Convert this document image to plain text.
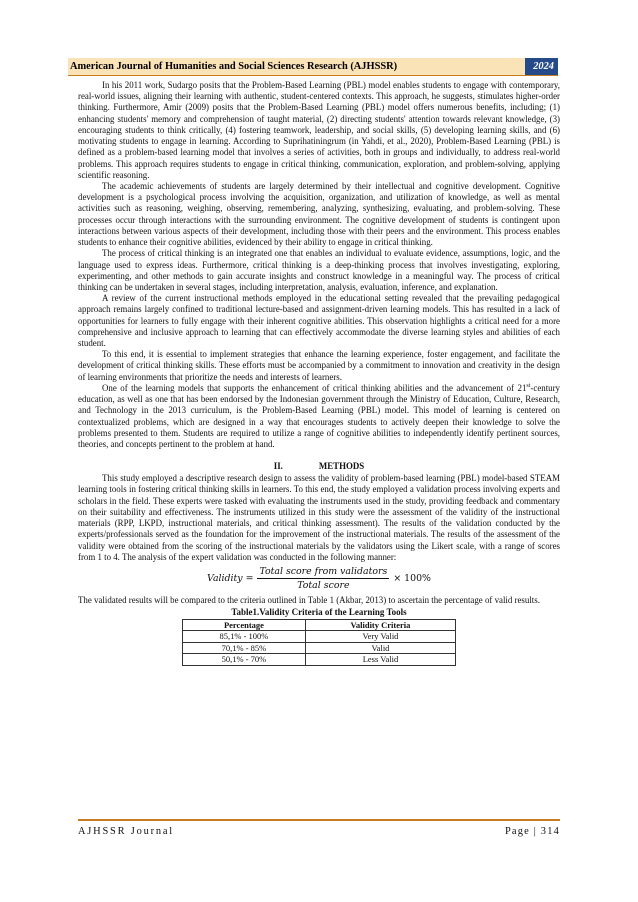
American Journal of Humanities and Social Sciences Research (AJHSSR)	2024

In his 2011 work, Sudargo posits that the Problem-Based Learning (PBL) model enables students to engage with contemporary, real-world issues, aligning their learning with authentic, student-centered contexts. This approach, he suggests, stimulates higher-order thinking. Furthermore, Amir (2009) posits that the Problem-Based Learning (PBL) model offers numerous benefits, including; (1) enhancing students' memory and comprehension of taught material, (2) directing students' attention towards relevant knowledge, (3) encouraging students to think critically, (4) fostering teamwork, leadership, and social skills, (5) developing learning skills, and (6) motivating students to engage in learning. According to Suprihatiningrum (in Yahdi, et al., 2020), Problem-Based Learning (PBL) is defined as a problem-based learning model that involves a series of activities, both in groups and individually, to address real-world problems. This approach requires students to engage in critical thinking, communication, exploration, and problem-solving, applying scientific reasoning.

The academic achievements of students are largely determined by their intellectual and cognitive development. Cognitive development is a psychological process involving the acquisition, organization, and utilization of knowledge, as well as mental activities such as reasoning, weighing, observing, remembering, analyzing, synthesizing, evaluating, and problem-solving. These processes occur through interactions with the surrounding environment. The cognitive development of students is contingent upon interactions between various aspects of their development, including those with their peers and the environment. This process enables students to enhance their cognitive abilities, evidenced by their ability to engage in critical thinking.

The process of critical thinking is an integrated one that enables an individual to evaluate evidence, assumptions, logic, and the language used to express ideas. Furthermore, critical thinking is a deep-thinking process that involves investigating, exploring, experimenting, and other methods to gain accurate insights and construct knowledge in a meaningful way. The process of critical thinking can be undertaken in several stages, including interpretation, analysis, evaluation, inference, and explanation.

A review of the current instructional methods employed in the educational setting revealed that the prevailing pedagogical approach remains largely confined to traditional lecture-based and assignment-driven learning models. This has resulted in a lack of opportunities for learners to fully engage with their inherent cognitive abilities. This observation highlights a critical need for a more comprehensive and inclusive approach to learning that can effectively accommodate the diverse learning styles and abilities of each student.

To this end, it is essential to implement strategies that enhance the learning experience, foster engagement, and facilitate the development of critical thinking skills. These efforts must be accompanied by a commitment to innovation and creativity in the design of learning environments that prioritize the needs and interests of learners.

One of the learning models that supports the enhancement of critical thinking abilities and the advancement of 21st-century education, as well as one that has been endorsed by the Indonesian government through the Ministry of Education, Culture, Research, and Technology in the 2013 curriculum, is the Problem-Based Learning (PBL) model. This model of learning is centered on contextualized problems, which are designed in a way that encourages students to actively deepen their knowledge to solve the problems presented to them. Students are required to utilize a range of cognitive abilities to independently identify pertinent sources, theories, and concepts pertinent to the problem at hand.

II.	METHODS

This study employed a descriptive research design to assess the validity of problem-based learning (PBL) model-based STEAM learning tools in fostering critical thinking skills in learners. To this end, the study employed a validation process involving experts and scholars in the field. These experts were tasked with evaluating the instruments used in the study, providing feedback and commentary on their suitability and effectiveness. The instruments utilized in this study were the assessment of the validity of the instructional materials (RPP, LKPD, instructional materials, and critical thinking assessment). The results of the validation conducted by the experts/professionals served as the foundation for the improvement of the instructional materials. The results of the assessment of the validity were obtained from the scoring of the instructional materials by the validators using the Likert scale, with a range of scores from 1 to 4. The analysis of the expert validation was conducted in the following manner:

Validity = $\frac{\text{Total score from validators}}{\text{Total score}} \times 100\%$

The validated results will be compared to the criteria outlined in Table 1 (Akbar, 2013) to ascertain the percentage of valid results.

Table1.Validity Criteria of the Learning Tools
Percentage	Validity Criteria
85,1% - 100%	Very Valid
70,1% - 85%	Valid
50,1% - 70%	Less Valid
AJHSSR Journal	Page | 314
